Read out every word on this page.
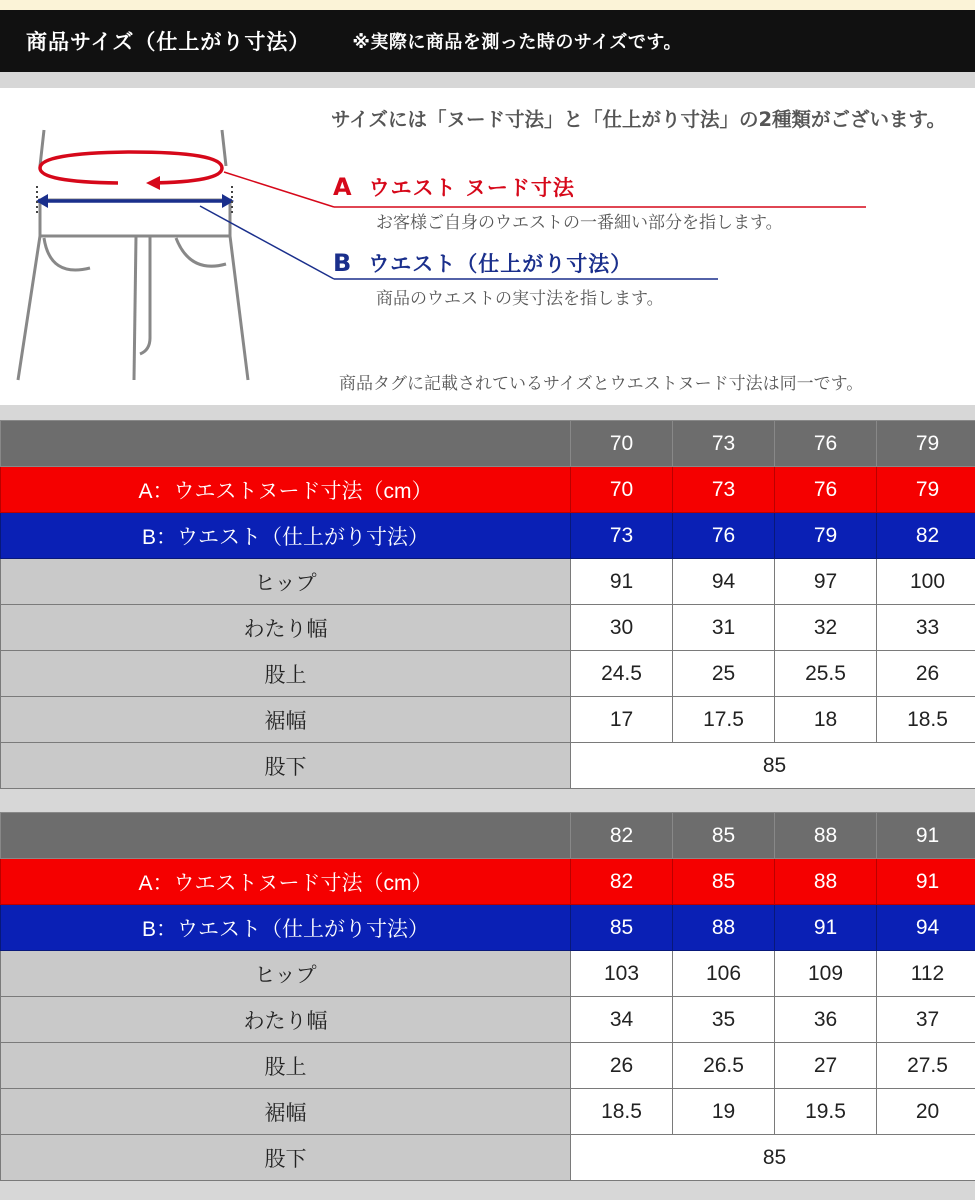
商品サイズ（仕上がり寸法） ※実際に商品を測った時のサイズです。
サイズには「ヌード寸法」と「仕上がり寸法」の2種類がございます。
A ウエスト ヌード寸法
お客様ご自身のウエストの一番細い部分を指します。
B ウエスト（仕上がり寸法）
商品のウエストの実寸法を指します。
商品タグに記載されているサイズとウエストヌード寸法は同一です。
	70	73	76	79
A：ウエストヌード寸法（cm）	70	73	76	79
B：ウエスト（仕上がり寸法）	73	76	79	82
ヒップ	91	94	97	100
わたり幅	30	31	32	33
股上	24.5	25	25.5	26
裾幅	17	17.5	18	18.5
股下	85			
	82	85	88	91
A：ウエストヌード寸法（cm）	82	85	88	91
B：ウエスト（仕上がり寸法）	85	88	91	94
ヒップ	103	106	109	112
わたり幅	34	35	36	37
股上	26	26.5	27	27.5
裾幅	18.5	19	19.5	20
股下	85			
